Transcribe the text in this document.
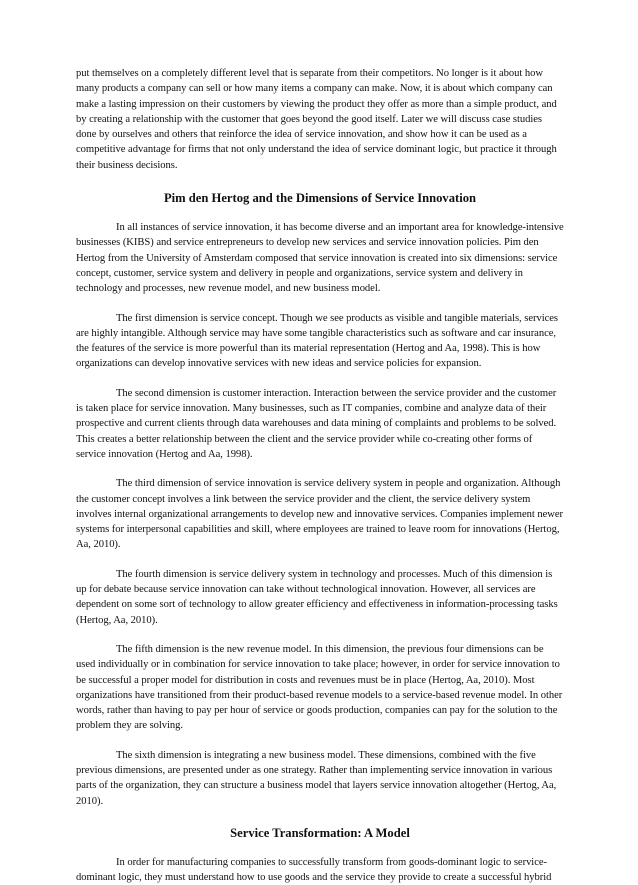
put themselves on a completely different level that is separate from their competitors. No longer is it about how many products a company can sell or how many items a company can make. Now, it is about which company can make a lasting impression on their customers by viewing the product they offer as more than a simple product, and by creating a relationship with the customer that goes beyond the good itself. Later we will discuss case studies done by ourselves and others that reinforce the idea of service innovation, and show how it can be used as a competitive advantage for firms that not only understand the idea of service dominant logic, but practice it through their business decisions.

Pim den Hertog and the Dimensions of Service Innovation

In all instances of service innovation, it has become diverse and an important area for knowledge-intensive businesses (KIBS) and service entrepreneurs to develop new services and service innovation policies. Pim den Hertog from the University of Amsterdam composed that service innovation is created into six dimensions: service concept, customer, service system and delivery in people and organizations, service system and delivery in technology and processes, new revenue model, and new business model.

The first dimension is service concept. Though we see products as visible and tangible materials, services are highly intangible. Although service may have some tangible characteristics such as software and car insurance, the features of the service is more powerful than its material representation (Hertog and Aa, 1998). This is how organizations can develop innovative services with new ideas and service policies for expansion.

The second dimension is customer interaction. Interaction between the service provider and the customer is taken place for service innovation. Many businesses, such as IT companies, combine and analyze data of their prospective and current clients through data warehouses and data mining of complaints and problems to be solved. This creates a better relationship between the client and the service provider while co-creating other forms of service innovation (Hertog and Aa, 1998).

The third dimension of service innovation is service delivery system in people and organization. Although the customer concept involves a link between the service provider and the client, the service delivery system involves internal organizational arrangements to develop new and innovative services. Companies implement newer systems for interpersonal capabilities and skill, where employees are trained to leave room for innovations (Hertog, Aa, 2010).

The fourth dimension is service delivery system in technology and processes. Much of this dimension is up for debate because service innovation can take without technological innovation. However, all services are dependent on some sort of technology to allow greater efficiency and effectiveness in information-processing tasks (Hertog, Aa, 2010).

The fifth dimension is the new revenue model. In this dimension, the previous four dimensions can be used individually or in combination for service innovation to take place; however, in order for service innovation to be successful a proper model for distribution in costs and revenues must be in place (Hertog, Aa, 2010). Most organizations have transitioned from their product-based revenue models to a service-based revenue model. In other words, rather than having to pay per hour of service or goods production, companies can pay for the solution to the problem they are solving.

The sixth dimension is integrating a new business model. These dimensions, combined with the five previous dimensions, are presented under as one strategy. Rather than implementing service innovation in various parts of the organization, they can structure a business model that layers service innovation altogether (Hertog, Aa, 2010).

Service Transformation: A Model

In order for manufacturing companies to successfully transform from goods-dominant logic to service-dominant logic, they must understand how to use goods and the service they provide to create a successful hybrid
